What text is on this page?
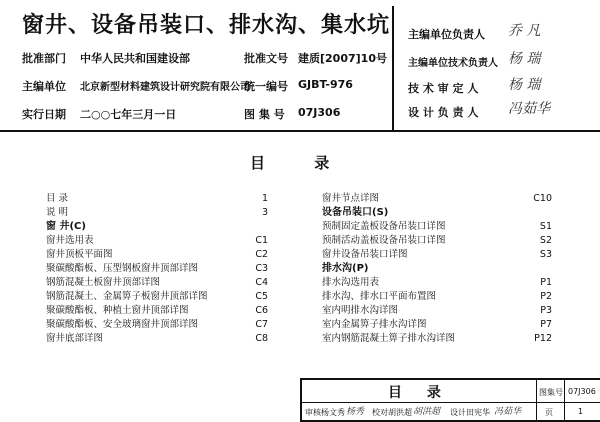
窗井、设备吊装口、排水沟、集水坑
批准部门 中华人民共和国建设部	批准文号 建质[2007]10号
主编单位 北京新型材料建筑设计研究院有限公司
统一编号 GJBT-976
实行日期 二○○七年三月一日	图 集 号 07J306
主编单位负责人 乔 凡
主编单位技术负责人 杨 瑞
技 术 审 定 人 杨 瑞
设 计 负 责 人 冯茹华
目 录
目 录	1
说 明	3
窗 井(C)
窗井选用表	C1
窗井顶板平面图	C2
聚碳酸酯板、压型钢板窗井顶部详图	C3
钢筋混凝土板窗井顶部详图	C4
钢筋混凝土、金属箅子板窗井顶部详图	C5
聚碳酸酯板、种植土窗井顶部详图	C6
聚碳酸酯板、安全玻璃窗井顶部详图	C7
窗井底部详图	C8
窗井节点详图	C10
设备吊装口(S)
预制固定盖板设备吊装口详图	S1
预制活动盖板设备吊装口详图	S2
窗井设备吊装口详图	S3
排水沟(P)
排水沟选用表	P1
排水沟、排水口平面布置图	P2
室内明排水沟详图	P3
室内金属箅子排水沟详图	P7
室内钢筋混凝土箅子排水沟详图	P12
目 录	图集号 07J306
审核杨文秀 杨秀 校对胡洪超 胡洪超 设计田宪华 冯茹华	页	1
